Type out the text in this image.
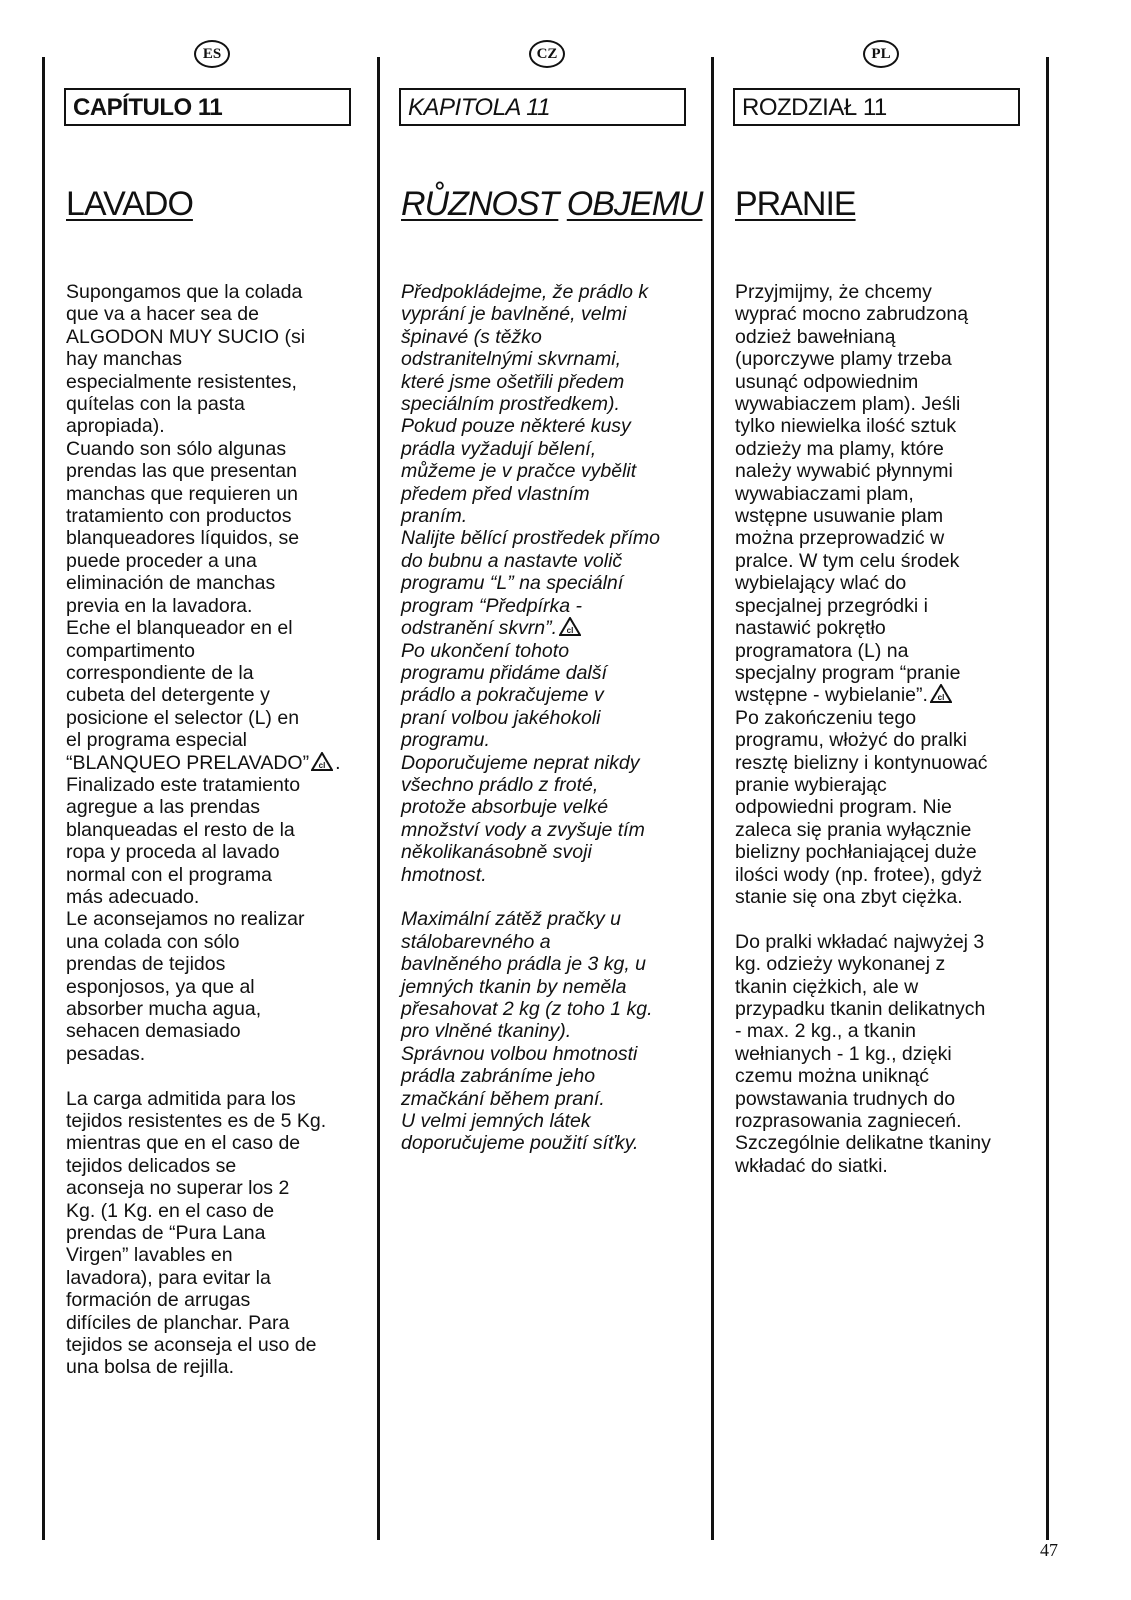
ES
CAPÍTULO 11
LAVADO
Supongamos que la colada
que va a hacer sea de
ALGODON MUY SUCIO (si
hay manchas
especialmente resistentes,
quítelas con la pasta
apropiada).
Cuando son sólo algunas
prendas las que presentan
manchas que requieren un
tratamiento con productos
blanqueadores líquidos, se
puede proceder a una
eliminación de manchas
previa en la lavadora.
Eche el blanqueador en el
compartimento
correspondiente de la
cubeta del detergente y
posicione el selector (L) en
el programa especial
“BLANQUEO PRELAVADO” cl .
Finalizado este tratamiento
agregue a las prendas
blanqueadas el resto de la
ropa y proceda al lavado
normal con el programa
más adecuado.
Le aconsejamos no realizar
una colada con sólo
prendas de tejidos
esponjosos, ya que al
absorber mucha agua,
sehacen demasiado
pesadas.
La carga admitida para los
tejidos resistentes es de 5 Kg.
mientras que en el caso de
tejidos delicados se
aconseja no superar los 2
Kg. (1 Kg. en el caso de
prendas de “Pura Lana
Virgen” lavables en
lavadora), para evitar la
formación de arrugas
difíciles de planchar. Para
tejidos se aconseja el uso de
una bolsa de rejilla.
CZ
KAPITOLA 11
RŮZNOST OBJEMU
Předpokládejme, že prádlo k
vyprání je bavlněné, velmi
špinavé (s těžko
odstranitelnými skvrnami,
které jsme ošetřili předem
speciálním prostředkem).
Pokud pouze některé kusy
prádla vyžadují bělení,
můžeme je v pračce vybělit
předem před vlastním
praním.
Nalijte bělící prostředek přímo
do bubnu a nastavte volič
programu “L” na speciální
program “Předpírka -
odstranění skvrn”. cl
Po ukončení tohoto
programu přidáme další
prádlo a pokračujeme v
praní volbou jakéhokoli
programu.
Doporučujeme neprat nikdy
všechno prádlo z froté,
protože absorbuje velké
množství vody a zvyšuje tím
několikanásobně svoji
hmotnost.
Maximální zátěž pračky u
stálobarevného a
bavlněného prádla je 3 kg, u
jemných tkanin by neměla
přesahovat 2 kg (z toho 1 kg.
pro vlněné tkaniny).
Správnou volbou hmotnosti
prádla zabráníme jeho
zmačkání během praní.
U velmi jemných látek
doporučujeme použití síťky.
PL
ROZDZIAŁ 11
PRANIE
Przyjmijmy, że chcemy
wyprać mocno zabrudzoną
odzież bawełnianą
(uporczywe plamy trzeba
usunąć odpowiednim
wywabiaczem plam). Jeśli
tylko niewielka ilość sztuk
odzieży ma plamy, które
należy wywabić płynnymi
wywabiaczami plam,
wstępne usuwanie plam
można przeprowadzić w
pralce. W tym celu środek
wybielający wlać do
specjalnej przegródki i
nastawić pokrętło
programatora (L) na
specjalny program “pranie
wstępne - wybielanie”. cl
Po zakończeniu tego
programu, włożyć do pralki
resztę bielizny i kontynuować
pranie wybierając
odpowiedni program. Nie
zaleca się prania wyłącznie
bielizny pochłaniającej duże
ilości wody (np. frotee), gdyż
stanie się ona zbyt ciężka.
Do pralki wkładać najwyżej 3
kg. odzieży wykonanej z
tkanin ciężkich, ale w
przypadku tkanin delikatnych
- max. 2 kg., a tkanin
wełnianych - 1 kg., dzięki
czemu można uniknąć
powstawania trudnych do
rozprasowania zagnieceń.
Szczególnie delikatne tkaniny
wkładać do siatki.
47
